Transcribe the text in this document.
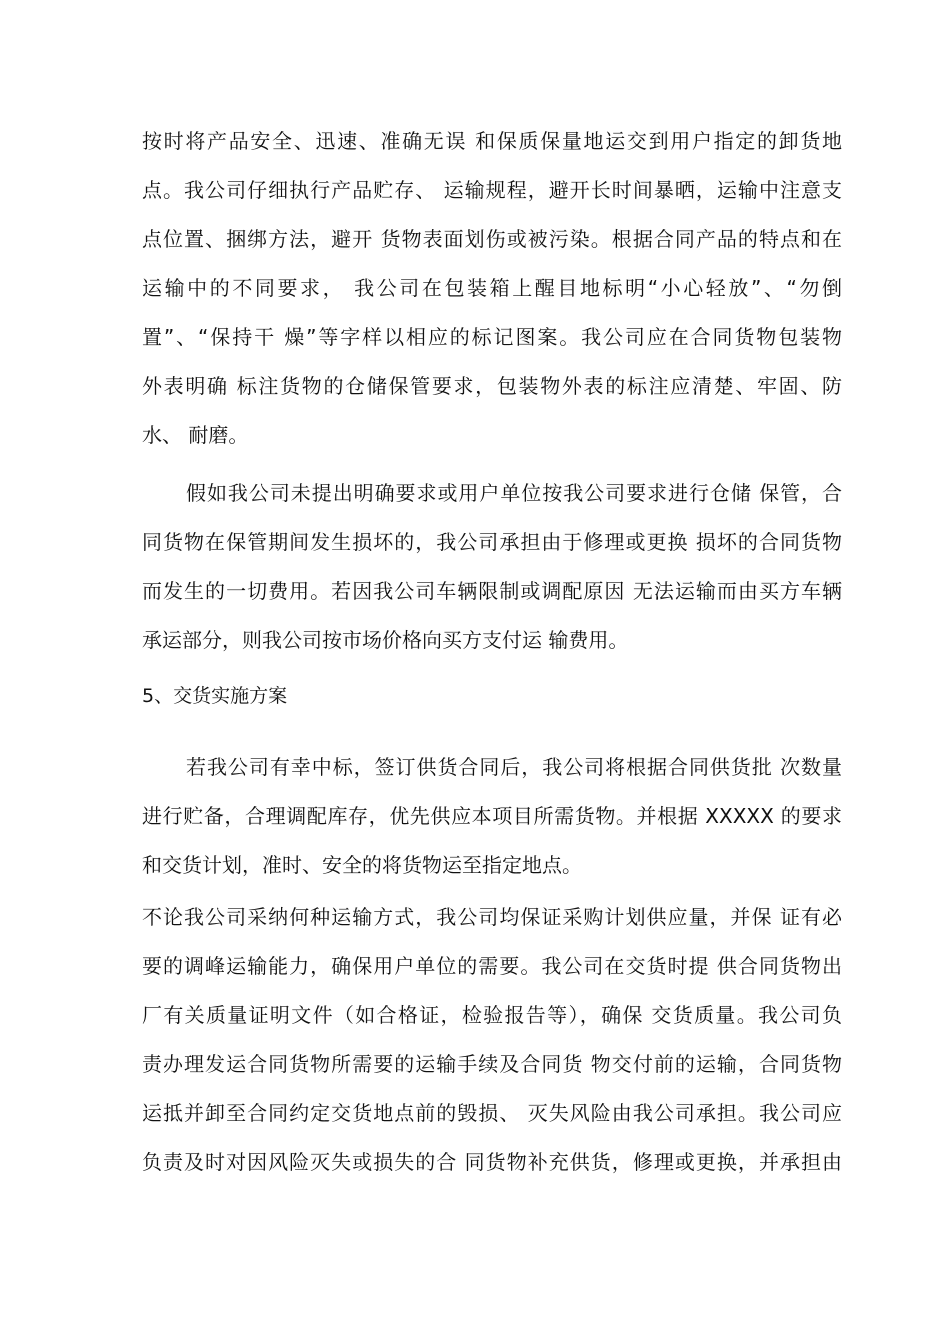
按时将产品安全、迅速、准确无误 和保质保量地运交到用户指定的卸货地
点。我公司仔细执行产品贮存、 运输规程，避开长时间暴晒，运输中注意支
点位置、捆绑方法，避开 货物表面划伤或被污染。根据合同产品的特点和在
运输中的不同要求， 我公司在包装箱上醒目地标明“小心轻放”、“勿倒
置”、“保持干 燥”等字样以相应的标记图案。我公司应在合同货物包装物
外表明确 标注货物的仓储保管要求，包装物外表的标注应清楚、牢固、防
水、 耐磨。
假如我公司未提出明确要求或用户单位按我公司要求进行仓储 保管，合
同货物在保管期间发生损坏的，我公司承担由于修理或更换 损坏的合同货物
而发生的一切费用。若因我公司车辆限制或调配原因 无法运输而由买方车辆
承运部分，则我公司按市场价格向买方支付运 输费用。
5、交货实施方案
若我公司有幸中标，签订供货合同后，我公司将根据合同供货批 次数量
进行贮备，合理调配库存，优先供应本项目所需货物。并根据 XXXXX 的要求
和交货计划，准时、安全的将货物运至指定地点。
不论我公司采纳何种运输方式，我公司均保证采购计划供应量，并保 证有必
要的调峰运输能力，确保用户单位的需要。我公司在交货时提 供合同货物出
厂有关质量证明文件（如合格证，检验报告等），确保 交货质量。我公司负
责办理发运合同货物所需要的运输手续及合同货 物交付前的运输，合同货物
运抵并卸至合同约定交货地点前的毁损、 灭失风险由我公司承担。我公司应
负责及时对因风险灭失或损失的合 同货物补充供货，修理或更换，并承担由
